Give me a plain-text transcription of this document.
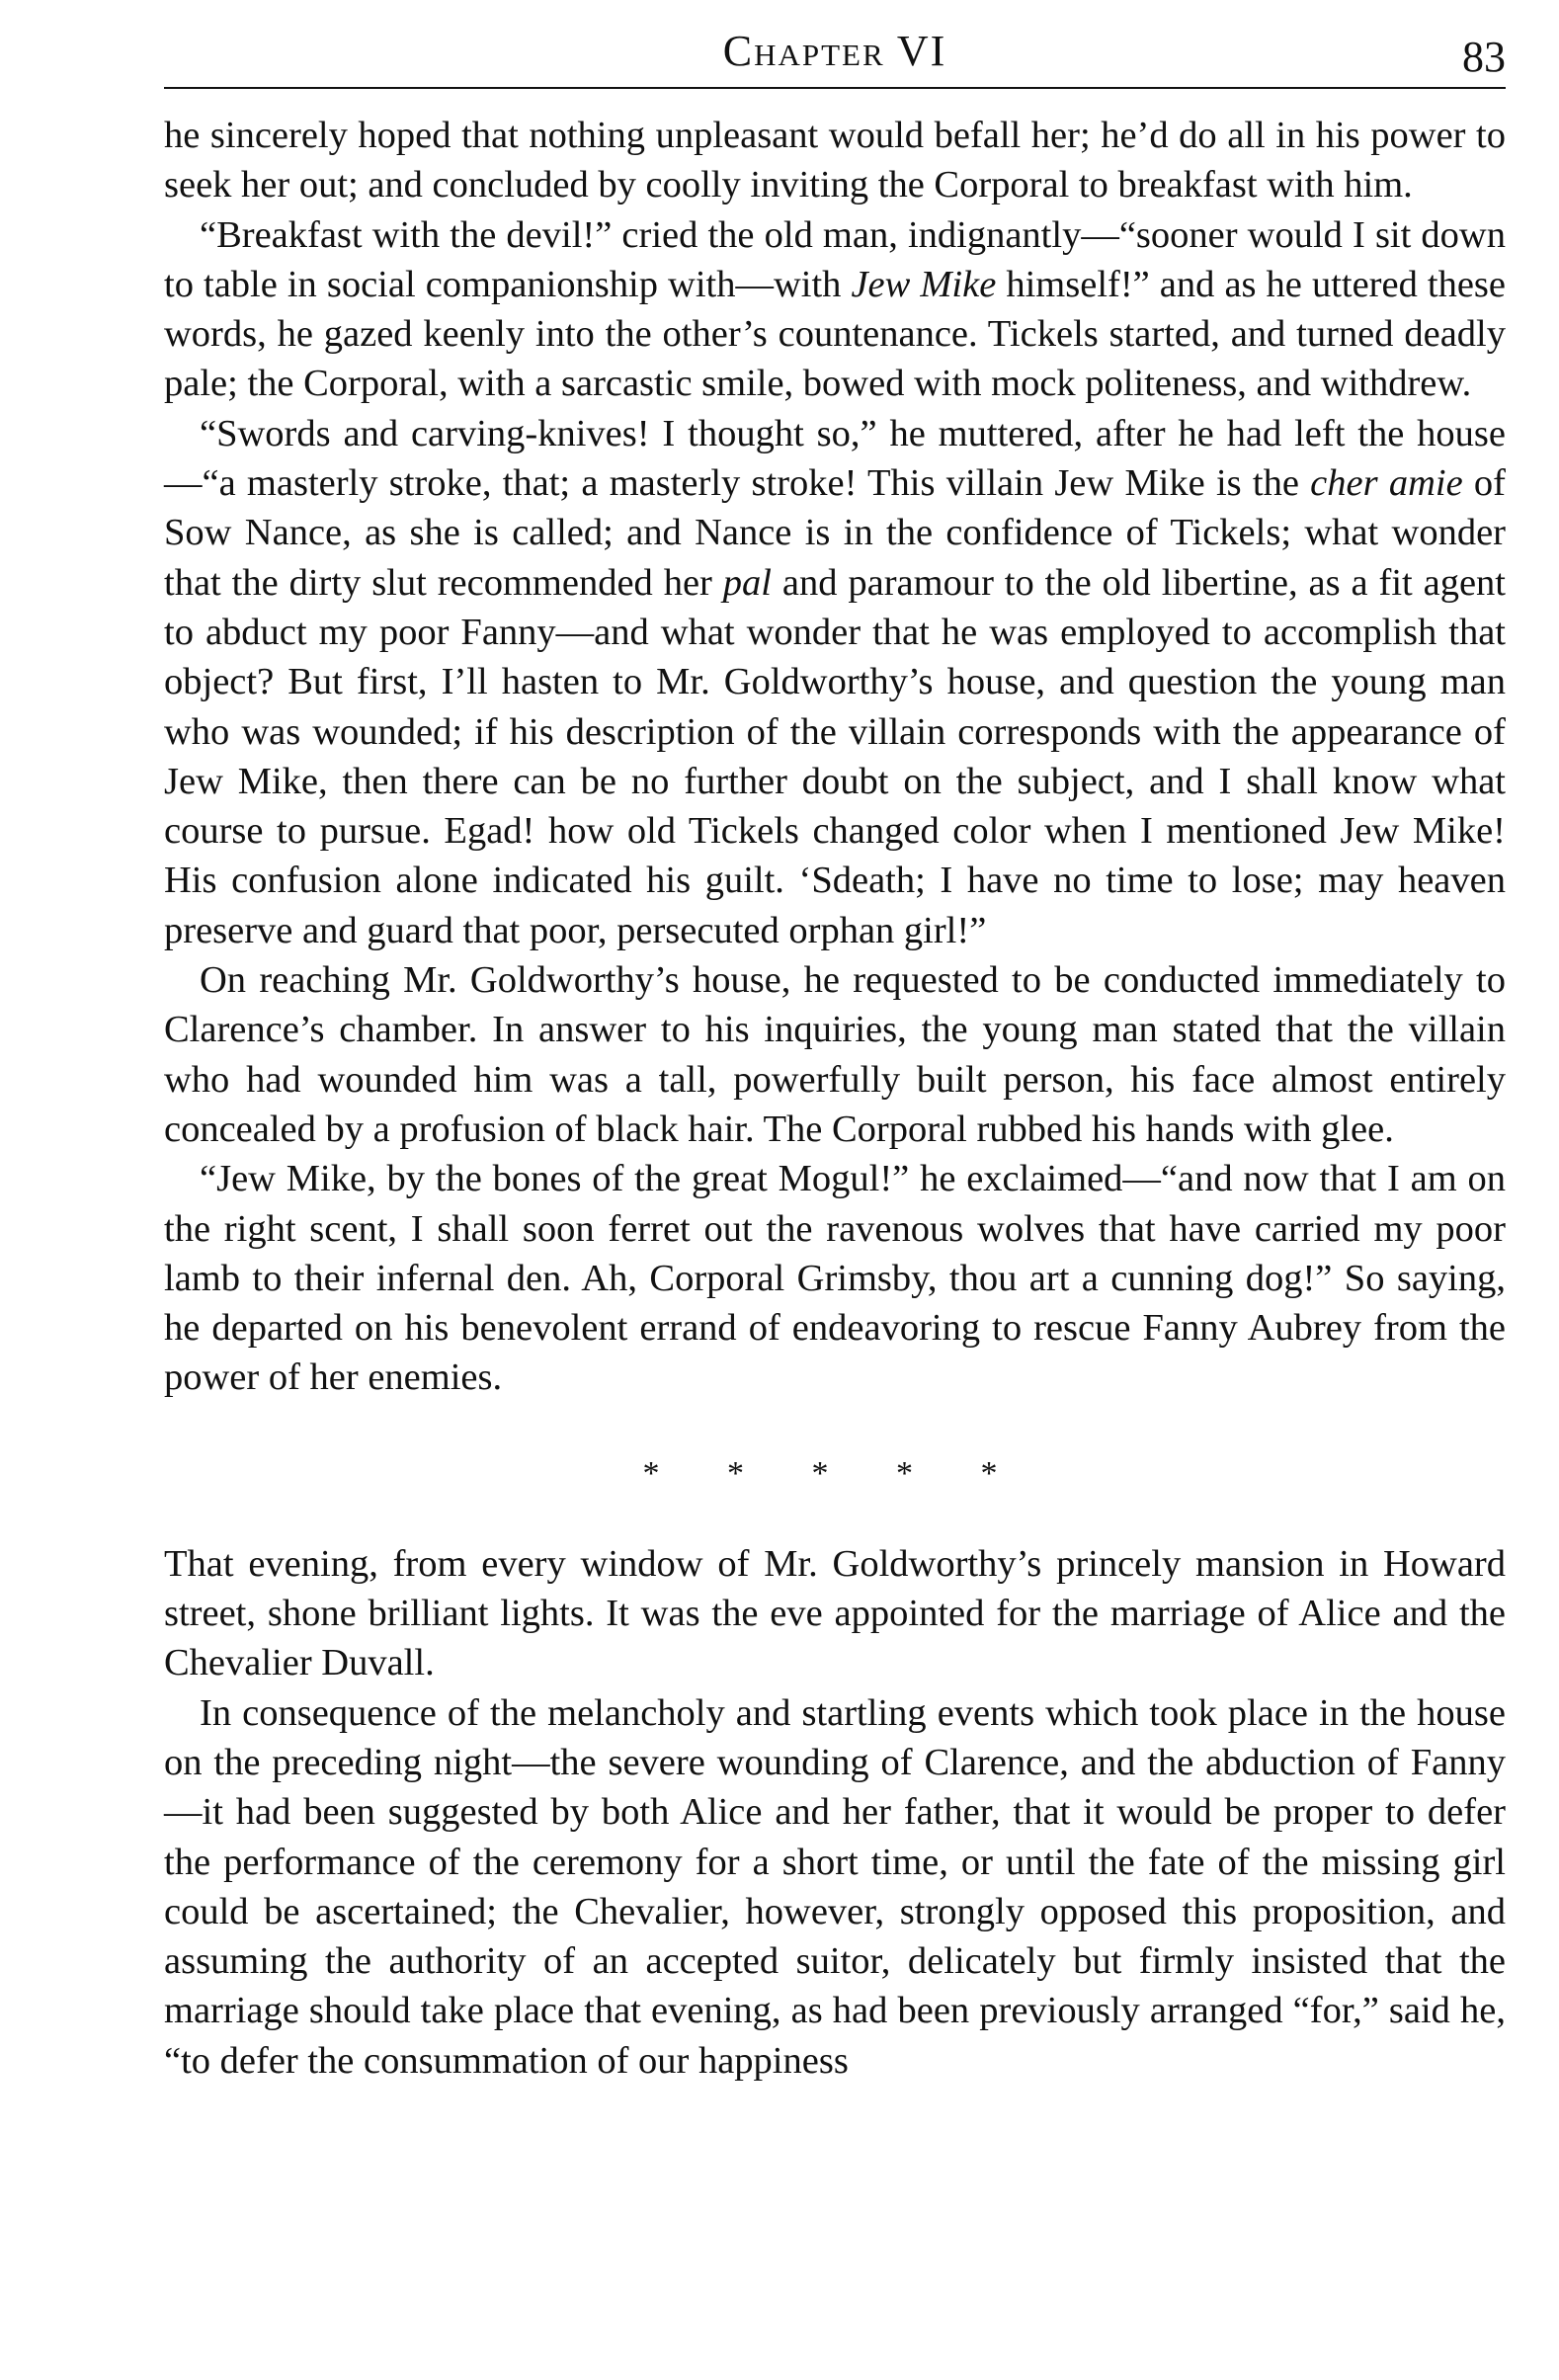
Chapter VI	83

he sincerely hoped that nothing unpleasant would befall her; he’d do all in his power to seek her out; and concluded by coolly inviting the Corporal to breakfast with him.

“Breakfast with the devil!” cried the old man, indignantly—“sooner would I sit down to table in social companionship with—with Jew Mike himself!” and as he uttered these words, he gazed keenly into the other’s countenance. Tickels started, and turned deadly pale; the Corporal, with a sarcastic smile, bowed with mock politeness, and withdrew.

“Swords and carving-knives! I thought so,” he muttered, after he had left the house—“a masterly stroke, that; a masterly stroke! This villain Jew Mike is the cher amie of Sow Nance, as she is called; and Nance is in the confidence of Tickels; what wonder that the dirty slut recommended her pal and paramour to the old libertine, as a fit agent to abduct my poor Fanny—and what wonder that he was employed to accomplish that object? But first, I’ll hasten to Mr. Goldworthy’s house, and question the young man who was wounded; if his description of the villain corresponds with the appearance of Jew Mike, then there can be no further doubt on the subject, and I shall know what course to pursue. Egad! how old Tickels changed color when I mentioned Jew Mike! His confusion alone indicated his guilt. ‘Sdeath; I have no time to lose; may heaven preserve and guard that poor, persecuted orphan girl!”

On reaching Mr. Goldworthy’s house, he requested to be conducted immediately to Clarence’s chamber. In answer to his inquiries, the young man stated that the villain who had wounded him was a tall, powerfully built person, his face almost entirely concealed by a profusion of black hair. The Corporal rubbed his hands with glee.

“Jew Mike, by the bones of the great Mogul!” he exclaimed—“and now that I am on the right scent, I shall soon ferret out the ravenous wolves that have carried my poor lamb to their infernal den. Ah, Corporal Grimsby, thou art a cunning dog!” So saying, he departed on his benevolent errand of endeavoring to rescue Fanny Aubrey from the power of her enemies.

* * * * *

That evening, from every window of Mr. Goldworthy’s princely mansion in Howard street, shone brilliant lights. It was the eve appointed for the marriage of Alice and the Chevalier Duvall.

In consequence of the melancholy and startling events which took place in the house on the preceding night—the severe wounding of Clarence, and the abduction of Fanny—it had been suggested by both Alice and her father, that it would be proper to defer the performance of the ceremony for a short time, or until the fate of the missing girl could be ascertained; the Chevalier, however, strongly opposed this proposition, and assuming the authority of an accepted suitor, delicately but firmly insisted that the marriage should take place that evening, as had been previously arranged “for,” said he, “to defer the consummation of our happiness
